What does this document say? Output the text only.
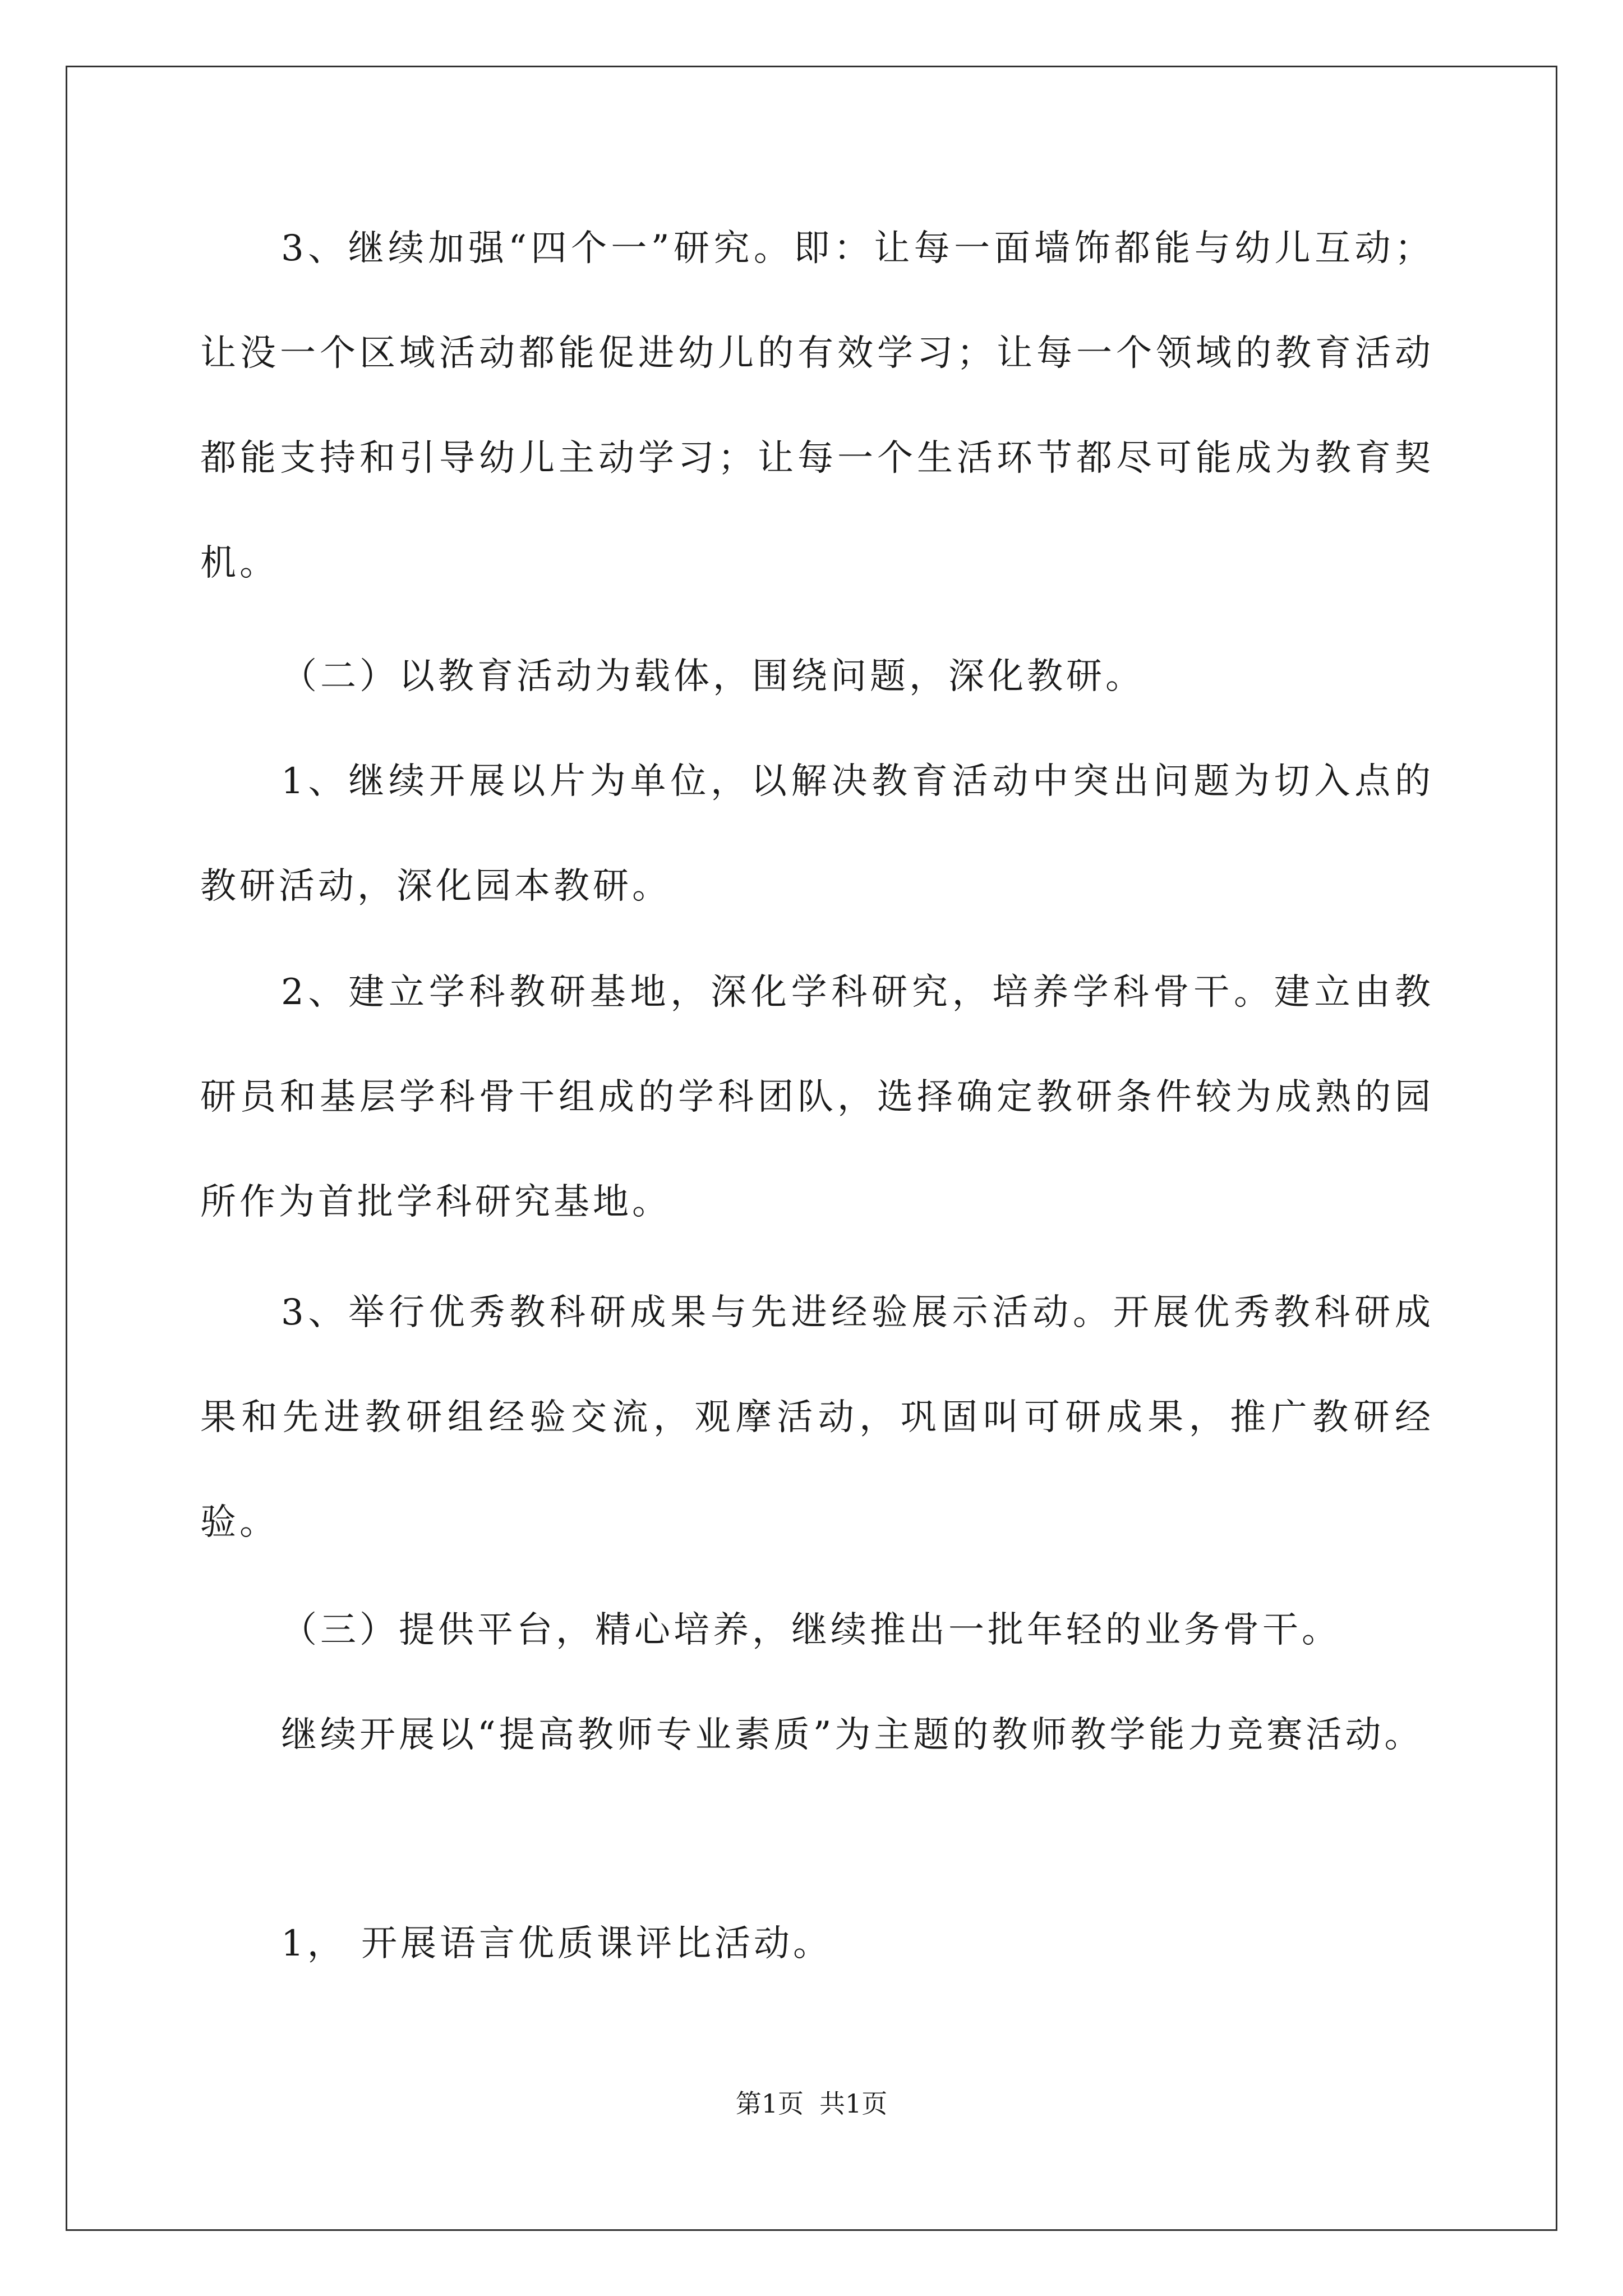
3、继续加强“四个一”研究。即：让每一面墙饰都能与幼儿互动；让没一个区域活动都能促进幼儿的有效学习；让每一个领域的教育活动都能支持和引导幼儿主动学习；让每一个生活环节都尽可能成为教育契机。

（二）以教育活动为载体，围绕问题，深化教研。

1、继续开展以片为单位，以解决教育活动中突出问题为切入点的教研活动，深化园本教研。

2、建立学科教研基地，深化学科研究，培养学科骨干。建立由教研员和基层学科骨干组成的学科团队，选择确定教研条件较为成熟的园所作为首批学科研究基地。

3、举行优秀教科研成果与先进经验展示活动。开展优秀教科研成果和先进教研组经验交流，观摩活动，巩固叫可研成果，推广教研经验。

（三）提供平台，精心培养，继续推出一批年轻的业务骨干。

继续开展以“提高教师专业素质”为主题的教师教学能力竞赛活动。

1， 开展语言优质课评比活动。

第1页 共1页
